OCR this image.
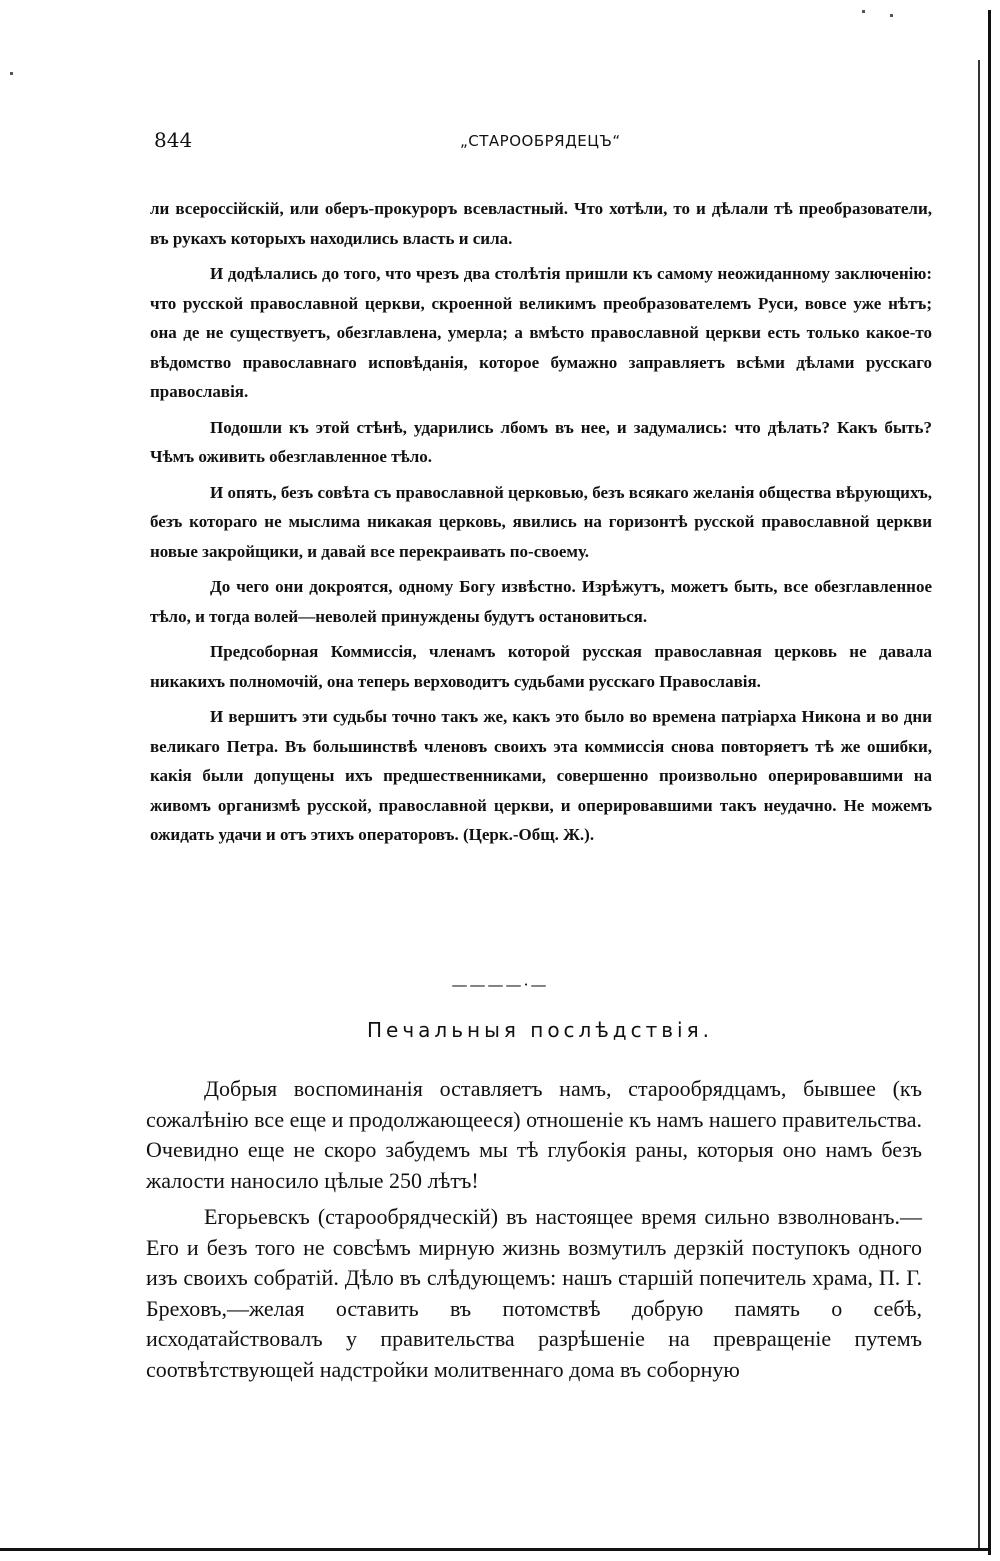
844	„СТАРООБРЯДЕЦЪ“

ли всероссійскій, или оберъ-прокуроръ всевластный. Что хотѣли, то и дѣлали тѣ преобразователи, въ рукахъ которыхъ находились власть и сила.

И додѣлались до того, что чрезъ два столѣтія пришли къ самому неожиданному заключенію: что русской православной церкви, скроенной великимъ преобразователемъ Руси, вовсе уже нѣтъ; она де не существуетъ, обезглавлена, умерла; а вмѣсто православной церкви есть только какое-то вѣдомство православнаго исповѣданія, которое бумажно заправляетъ всѣми дѣлами русскаго православія.

Подошли къ этой стѣнѣ, ударились лбомъ въ нее, и задумались: что дѣлать? Какъ быть? Чѣмъ оживить обезглавленное тѣло.

И опять, безъ совѣта съ православной церковью, безъ всякаго желанія общества вѣрующихъ, безъ котораго не мыслима никакая церковь, явились на горизонтѣ русской православной церкви новые закройщики, и давай все перекраивать по-своему.

До чего они докроятся, одному Богу извѣстно. Изрѣжутъ, можетъ быть, все обезглавленное тѣло, и тогда волей—неволей принуждены будутъ остановиться.

Предсоборная Коммиссія, членамъ которой русская православная церковь не давала никакихъ полномочій, она теперь верховодитъ судьбами русскаго Православія.

И вершитъ эти судьбы точно такъ же, какъ это было во времена патріарха Никона и во дни великаго Петра. Въ большинствѣ членовъ своихъ эта коммиссія снова повторяетъ тѣ же ошибки, какія были допущены ихъ предшественниками, совершенно произвольно оперировавшими на живомъ организмѣ русской, православной церкви, и оперировавшими такъ неудачно. Не можемъ ожидать удачи и отъ этихъ операторовъ. (Церк.-Общ. Ж.).

————·—
Печальныя послѣдствія.

Добрыя воспоминанія оставляетъ намъ, старообрядцамъ, бывшее (къ сожалѣнію все еще и продолжающееся) отношеніе къ намъ нашего правительства. Очевидно еще не скоро забудемъ мы тѣ глубокія раны, которыя оно намъ безъ жалости наносило цѣлые 250 лѣтъ!

Егорьевскъ (старообрядческій) въ настоящее время сильно взволнованъ.—Его и безъ того не совсѣмъ мирную жизнь возмутилъ дерзкій поступокъ одного изъ своихъ собратій. Дѣло въ слѣдующемъ: нашъ старшій попечитель храма, П. Г. Бреховъ,—желая оставить въ потомствѣ добрую память о себѣ, исходатайствовалъ у правительства разрѣшеніе на превращеніе путемъ соотвѣтствующей надстройки молитвеннаго дома въ соборную
